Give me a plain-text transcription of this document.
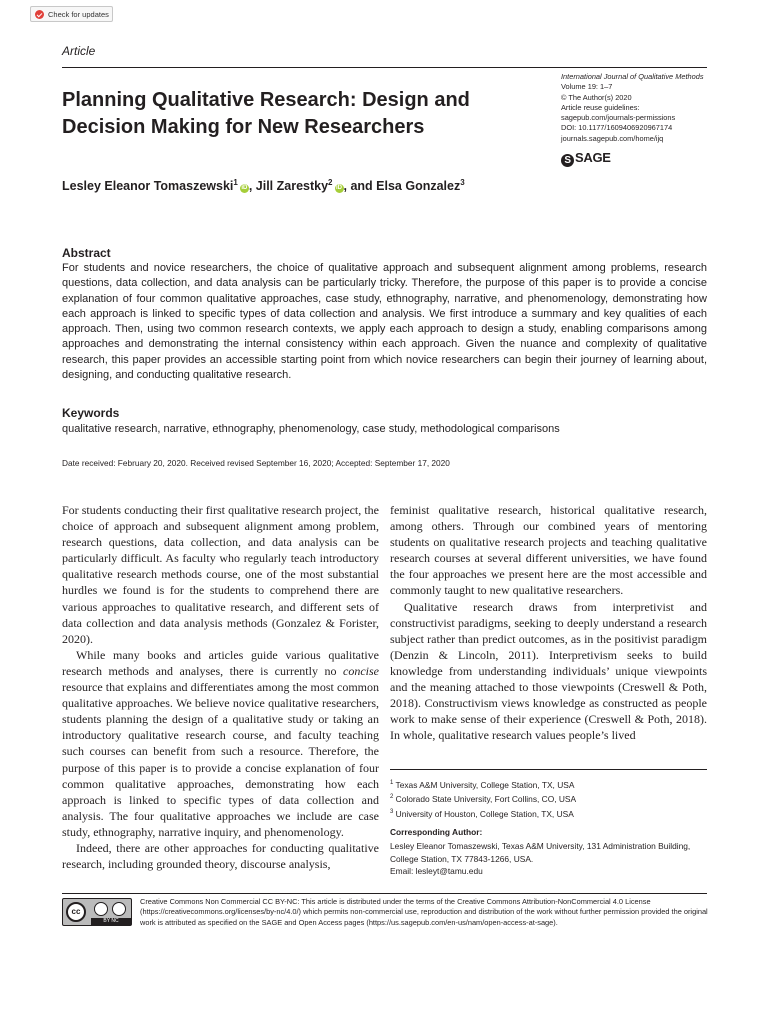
Check for updates
Article
Planning Qualitative Research: Design and Decision Making for New Researchers
International Journal of Qualitative Methods
Volume 19: 1–7
© The Author(s) 2020
Article reuse guidelines:
sagepub.com/journals-permissions
DOI: 10.1177/1609406920967174
journals.sagepub.com/home/ijq
S SAGE
Lesley Eleanor Tomaszewski$^1$iD , Jill Zarestky$^2$iD , and Elsa Gonzalez$^3$
Abstract
For students and novice researchers, the choice of qualitative approach and subsequent alignment among problems, research questions, data collection, and data analysis can be particularly tricky. Therefore, the purpose of this paper is to provide a concise explanation of four common qualitative approaches, case study, ethnography, narrative, and phenomenology, demonstrating how each approach is linked to specific types of data collection and analysis. We first introduce a summary and key qualities of each approach. Then, using two common research contexts, we apply each approach to design a study, enabling comparisons among approaches and demonstrating the internal consistency within each approach. Given the nuance and complexity of qualitative research, this paper provides an accessible starting point from which novice researchers can begin their journey of learning about, designing, and conducting qualitative research.
Keywords
qualitative research, narrative, ethnography, phenomenology, case study, methodological comparisons
Date received: February 20, 2020. Received revised September 16, 2020; Accepted: September 17, 2020

For students conducting their first qualitative research project, the choice of approach and subsequent alignment among problem, research questions, data collection, and data analysis can be particularly difficult. As faculty who regularly teach introductory qualitative research methods course, one of the most substantial hurdles we found is for the students to comprehend there are various approaches to qualitative research, and different sets of data collection and data analysis methods (Gonzalez & Forister, 2020).

While many books and articles guide various qualitative research methods and analyses, there is currently no concise resource that explains and differentiates among the most common qualitative approaches. We believe novice qualitative researchers, students planning the design of a qualitative study or taking an introductory qualitative research course, and faculty teaching such courses can benefit from such a resource. Therefore, the purpose of this paper is to provide a concise explanation of four common qualitative approaches, demonstrating how each approach is linked to specific types of data collection and analysis. The four qualitative approaches we include are case study, ethnography, narrative inquiry, and phenomenology.

Indeed, there are other approaches for conducting qualitative research, including grounded theory, discourse analysis,

feminist qualitative research, historical qualitative research, among others. Through our combined years of mentoring students on qualitative research projects and teaching qualitative research courses at several different universities, we have found the four approaches we present here are the most accessible and commonly taught to new qualitative researchers.

Qualitative research draws from interpretivist and constructivist paradigms, seeking to deeply understand a research subject rather than predict outcomes, as in the positivist paradigm (Denzin & Lincoln, 2011). Interpretivism seeks to build knowledge from understanding individuals’ unique viewpoints and the meaning attached to those viewpoints (Creswell & Poth, 2018). Constructivism views knowledge as constructed as people work to make sense of their experience (Creswell & Poth, 2018). In whole, qualitative research values people’s lived

$^1$ Texas A&M University, College Station, TX, USA
$^2$ Colorado State University, Fort Collins, CO, USA
$^3$ University of Houston, College Station, TX, USA
Corresponding Author:
Lesley Eleanor Tomaszewski, Texas A&M University, 131 Administration Building, College Station, TX 77843-1266, USA.
Email: lesleyt@tamu.edu
cc
BY NC
Creative Commons Non Commercial CC BY-NC: This article is distributed under the terms of the Creative Commons Attribution-NonCommercial 4.0 License (https://creativecommons.org/licenses/by-nc/4.0/) which permits non-commercial use, reproduction and distribution of the work without further permission provided the original work is attributed as specified on the SAGE and Open Access pages (https://us.sagepub.com/en-us/nam/open-access-at-sage).
